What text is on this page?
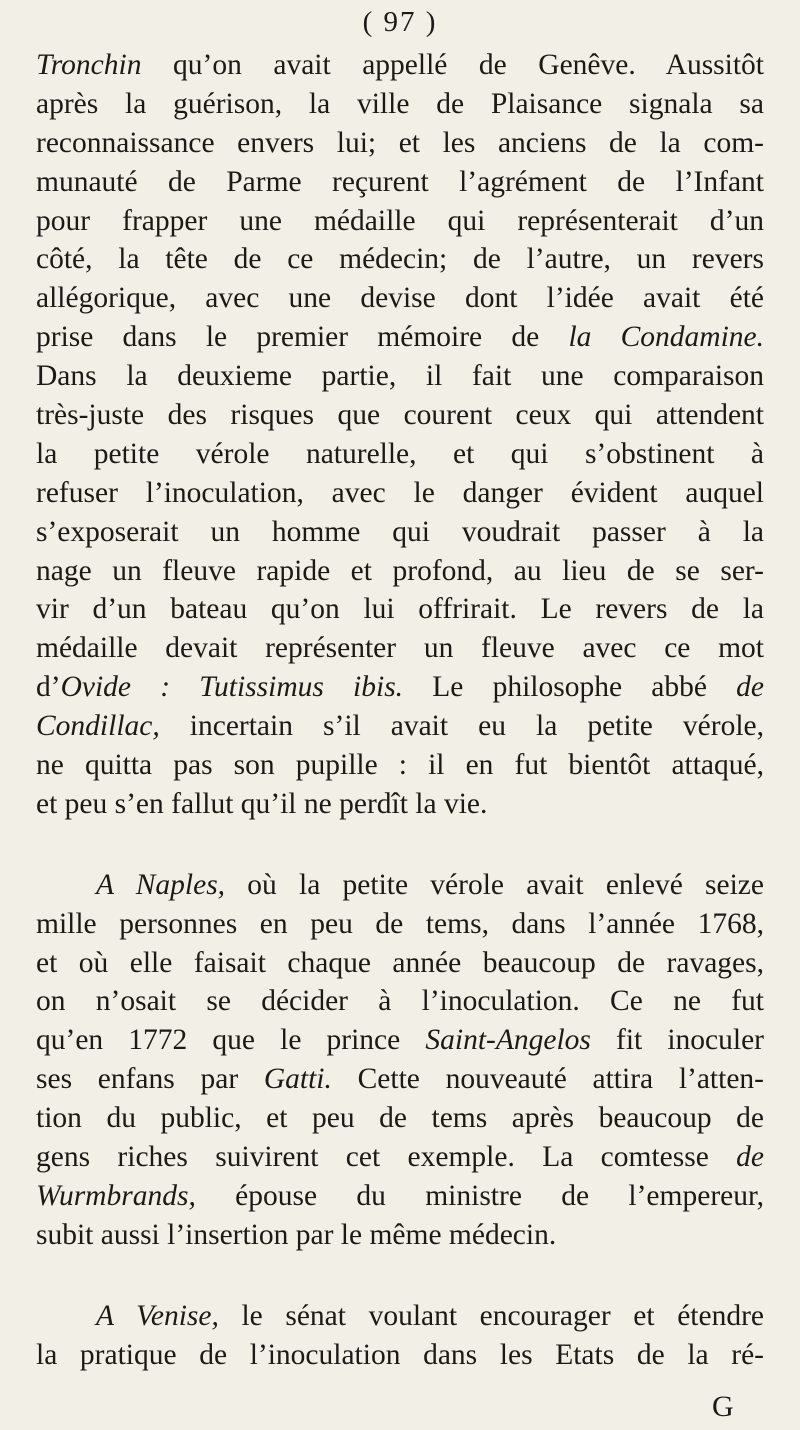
( 97 )
Tronchin qu’on avait appellé de Genêve. Aussitôt
après la guérison, la ville de Plaisance signala sa
reconnaissance envers lui; et les anciens de la com-
munauté de Parme reçurent l’agrément de l’Infant
pour frapper une médaille qui représenterait d’un
côté, la tête de ce médecin; de l’autre, un revers
allégorique, avec une devise dont l’idée avait été
prise dans le premier mémoire de la Condamine.
Dans la deuxieme partie, il fait une comparaison
très-juste des risques que courent ceux qui attendent
la petite vérole naturelle, et qui s’obstinent à
refuser l’inoculation, avec le danger évident auquel
s’exposerait un homme qui voudrait passer à la
nage un fleuve rapide et profond, au lieu de se ser-
vir d’un bateau qu’on lui offrirait. Le revers de la
médaille devait représenter un fleuve avec ce mot
d’Ovide : Tutissimus ibis. Le philosophe abbé de
Condillac, incertain s’il avait eu la petite vérole,
ne quitta pas son pupille : il en fut bientôt attaqué,
et peu s’en fallut qu’il ne perdît la vie.
A Naples, où la petite vérole avait enlevé seize
mille personnes en peu de tems, dans l’année 1768,
et où elle faisait chaque année beaucoup de ravages,
on n’osait se décider à l’inoculation. Ce ne fut
qu’en 1772 que le prince Saint-Angelos fit inoculer
ses enfans par Gatti. Cette nouveauté attira l’atten-
tion du public, et peu de tems après beaucoup de
gens riches suivirent cet exemple. La comtesse de
Wurmbrands, épouse du ministre de l’empereur,
subit aussi l’insertion par le même médecin.
A Venise, le sénat voulant encourager et étendre
la pratique de l’inoculation dans les Etats de la ré-
G
